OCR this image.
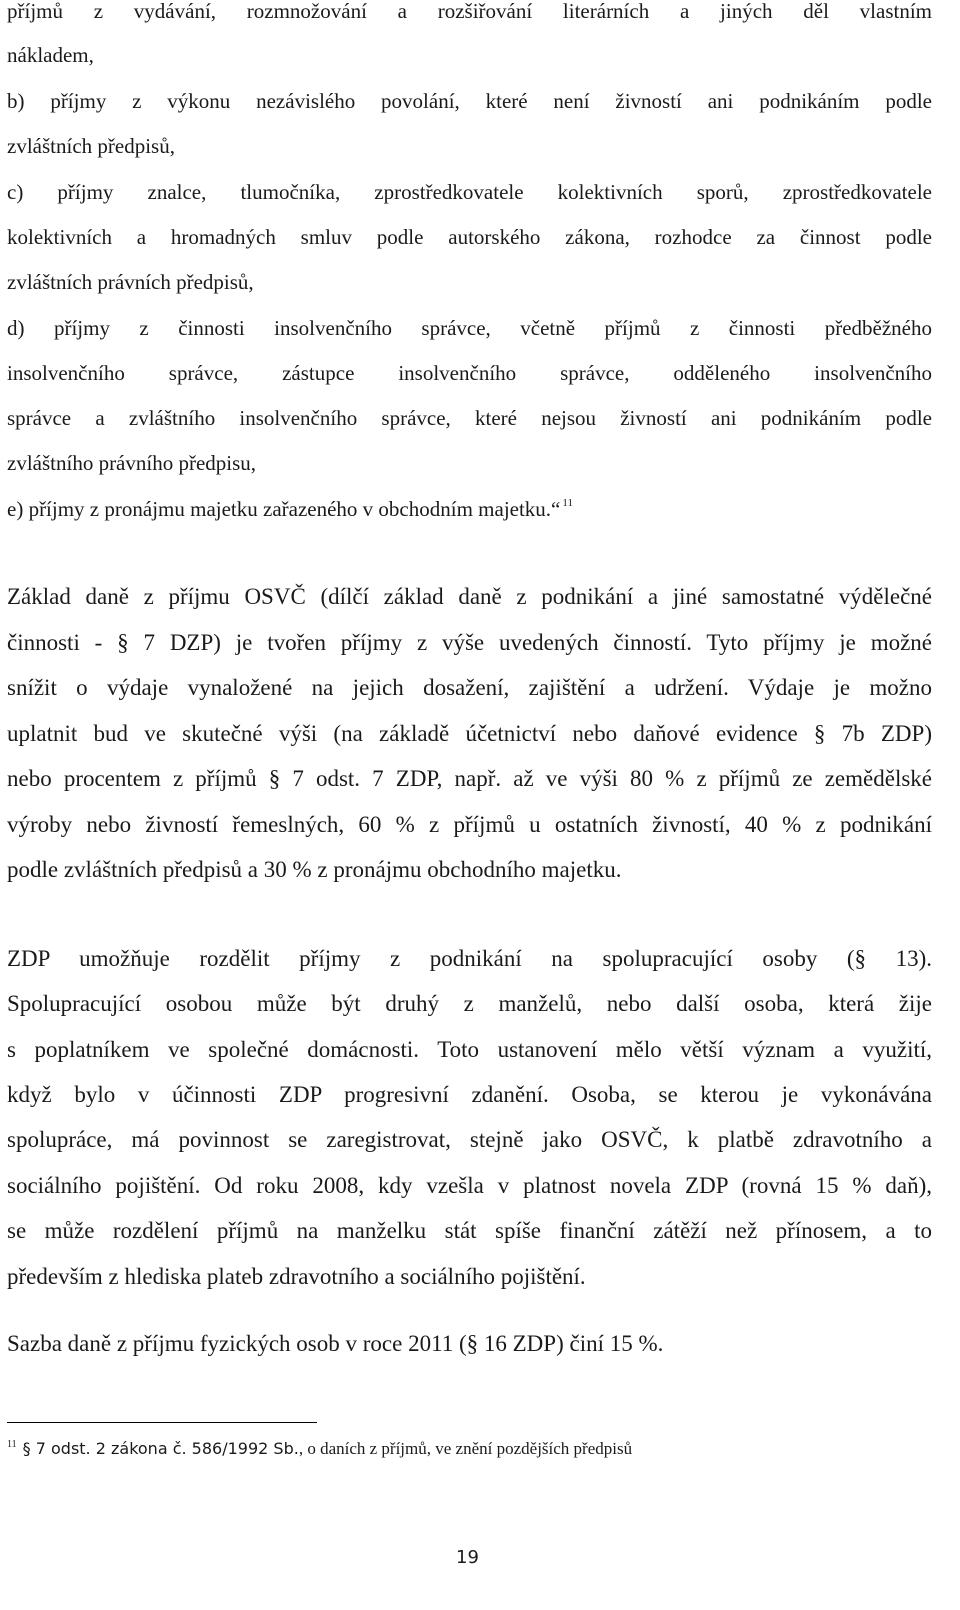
příjmů z vydávání, rozmnožování a rozšiřování literárních a jiných děl vlastním
nákladem,
b) příjmy z výkonu nezávislého povolání, které není živností ani podnikáním podle
zvláštních předpisů,
c) příjmy znalce, tlumočníka, zprostředkovatele kolektivních sporů, zprostředkovatele
kolektivních a hromadných smluv podle autorského zákona, rozhodce za činnost podle
zvláštních právních předpisů,
d) příjmy z činnosti insolvenčního správce, včetně příjmů z činnosti předběžného
insolvenčního správce, zástupce insolvenčního správce, odděleného insolvenčního
správce a zvláštního insolvenčního správce, které nejsou živností ani podnikáním podle
zvláštního právního předpisu,
e) příjmy z pronájmu majetku zařazeného v obchodním majetku.“ $^{11}$
Základ daně z příjmu OSVČ (dílčí základ daně z podnikání a jiné samostatné výdělečné
činnosti - § 7 DZP) je tvořen příjmy z výše uvedených činností. Tyto příjmy je možné
snížit o výdaje vynaložené na jejich dosažení, zajištění a udržení. Výdaje je možno
uplatnit bud ve skutečné výši (na základě účetnictví nebo daňové evidence § 7b ZDP)
nebo procentem z příjmů § 7 odst. 7 ZDP, např. až ve výši 80 % z příjmů ze zemědělské
výroby nebo živností řemeslných, 60 % z příjmů u ostatních živností, 40 % z podnikání
podle zvláštních předpisů a 30 % z pronájmu obchodního majetku.
ZDP umožňuje rozdělit příjmy z podnikání na spolupracující osoby (§ 13).
Spolupracující osobou může být druhý z manželů, nebo další osoba, která žije
s poplatníkem ve společné domácnosti. Toto ustanovení mělo větší význam a využití,
když bylo v účinnosti ZDP progresivní zdanění. Osoba, se kterou je vykonávána
spolupráce, má povinnost se zaregistrovat, stejně jako OSVČ, k platbě zdravotního a
sociálního pojištění. Od roku 2008, kdy vzešla v platnost novela ZDP (rovná 15 % daň),
se může rozdělení příjmů na manželku stát spíše finanční zátěží než přínosem, a to
především z hlediska plateb zdravotního a sociálního pojištění.
Sazba daně z příjmu fyzických osob v roce 2011 (§ 16 ZDP) činí 15 %.
$^{11}$ § 7 odst. 2 zákona č. 586/1992 Sb., o daních z příjmů, ve znění pozdějších předpisů
19
